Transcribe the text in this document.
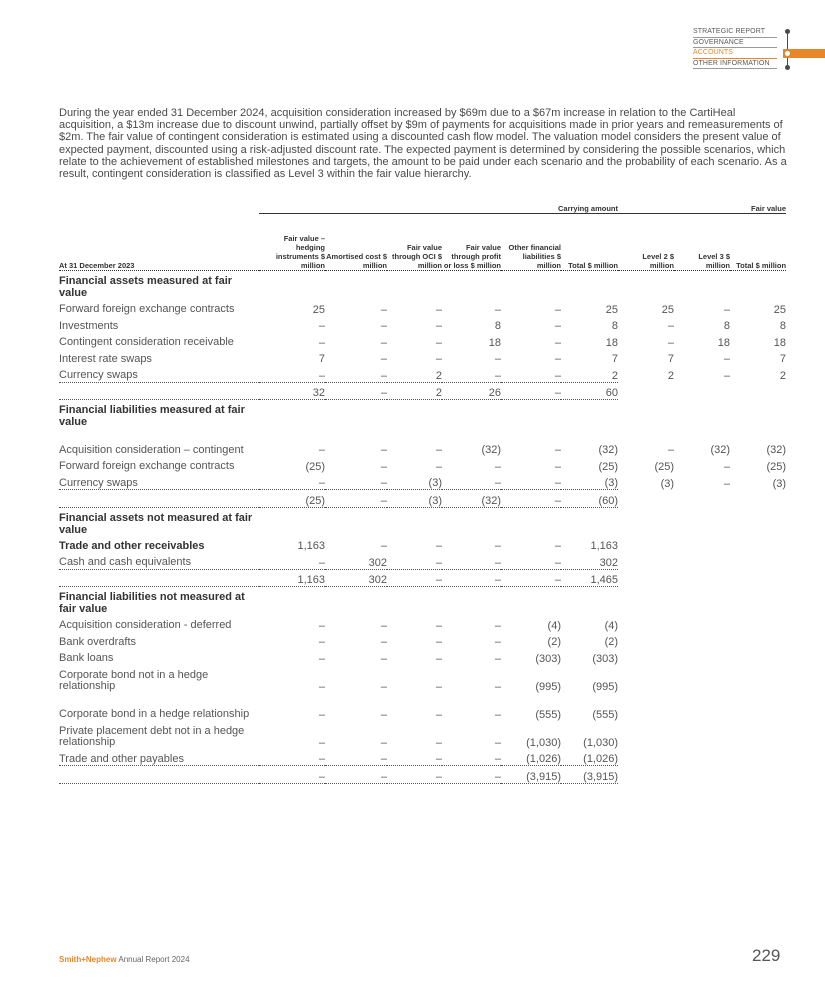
STRATEGIC REPORT
GOVERNANCE
ACCOUNTS
OTHER INFORMATION

During the year ended 31 December 2024, acquisition consideration increased by $69m due to a $67m increase in relation to the CartiHeal acquisition, a $13m increase due to discount unwind, partially offset by $9m of payments for acquisitions made in prior years and remeasurements of $2m. The fair value of contingent consideration is estimated using a discounted cash flow model. The valuation model considers the present value of expected payment, discounted using a risk-adjusted discount rate. The expected payment is determined by considering the possible scenarios, which relate to the achievement of established milestones and targets, the amount to be paid under each scenario and the probability of each scenario. As a result, contingent consideration is classified as Level 3 within the fair value hierarchy.

	Carrying amount						Fair value		
At 31 December 2023	Fair value – hedging instruments $ million	Amortised cost $ million	Fair value through OCI $ million	Fair value through profit or loss $ million	Other financial liabilities $ million	Total $ million	Level 2 $ million	Level 3 $ million	Total $ million
Financial assets measured at fair value									
Forward foreign exchange contracts	25	–	–	–	–	25	25	–	25
Investments	–	–	–	8	–	8	–	8	8
Contingent consideration receivable	–	–	–	18	–	18	–	18	18
Interest rate swaps	7	–	–	–	–	7	7	–	7
Currency swaps	–	–	2	–	–	2	2	–	2
	32	–	2	26	–	60			
Financial liabilities measured at fair value									
Acquisition consideration – contingent	–	–	–	(32)	–	(32)	–	(32)	(32)
Forward foreign exchange contracts	(25)	–	–	–	–	(25)	(25)	–	(25)
Currency swaps	–	–	(3)	–	–	(3)	(3)	–	(3)
	(25)	–	(3)	(32)	–	(60)			
Financial assets not measured at fair value									
Trade and other receivables	1,163	–	–	–	–	1,163			
Cash and cash equivalents	–	302	–	–	–	302			
	1,163	302	–	–	–	1,465			
Financial liabilities not measured at fair value									
Acquisition consideration - deferred	–	–	–	–	(4)	(4)			
Bank overdrafts	–	–	–	–	(2)	(2)			
Bank loans	–	–	–	–	(303)	(303)			
Corporate bond not in a hedge relationship	–	–	–	–	(995)	(995)			
Corporate bond in a hedge relationship	–	–	–	–	(555)	(555)			
Private placement debt not in a hedge relationship	–	–	–	–	(1,030)	(1,030)			
Trade and other payables	–	–	–	–	(1,026)	(1,026)			
	–	–	–	–	(3,915)	(3,915)			
Smith+Nephew Annual Report 2024	229
